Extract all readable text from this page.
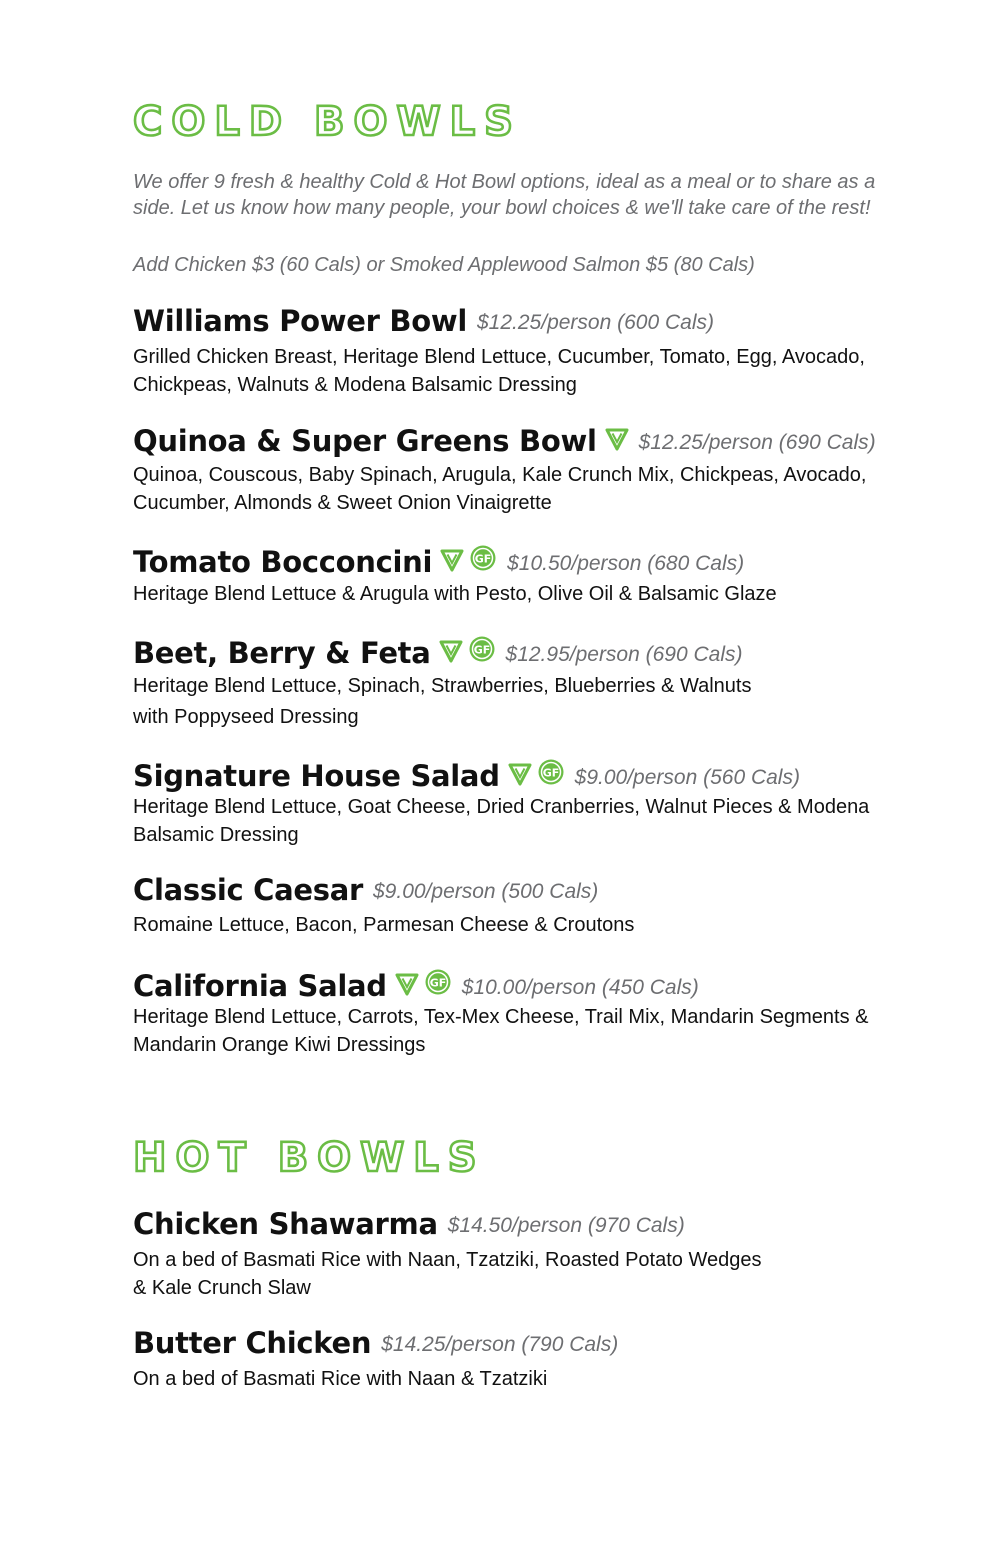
COLD BOWLS

We offer 9 fresh & healthy Cold & Hot Bowl options, ideal as a meal or to share as a

side. Let us know how many people, your bowl choices & we'll take care of the rest!

Add Chicken $3 (60 Cals) or Smoked Applewood Salmon $5 (80 Cals)

Williams Power Bowl $12.25/person (600 Cals)
Grilled Chicken Breast, Heritage Blend Lettuce, Cucumber, Tomato, Egg, Avocado,
Chickpeas, Walnuts & Modena Balsamic Dressing
Quinoa & Super Greens Bowl $12.25/person (690 Cals)
Quinoa, Couscous, Baby Spinach, Arugula, Kale Crunch Mix, Chickpeas, Avocado,
Cucumber, Almonds & Sweet Onion Vinaigrette
Tomato Bocconcini	GF $10.50/person (680 Cals)
Heritage Blend Lettuce & Arugula with Pesto, Olive Oil & Balsamic Glaze
Beet, Berry & Feta	GF $12.95/person (690 Cals)
Heritage Blend Lettuce, Spinach, Strawberries, Blueberries & Walnuts
with Poppyseed Dressing
Signature House Salad	GF $9.00/person (560 Cals)
Heritage Blend Lettuce, Goat Cheese, Dried Cranberries, Walnut Pieces & Modena
Balsamic Dressing
Classic Caesar $9.00/person (500 Cals)
Romaine Lettuce, Bacon, Parmesan Cheese & Croutons
California Salad	GF $10.00/person (450 Cals)
Heritage Blend Lettuce, Carrots, Tex-Mex Cheese, Trail Mix, Mandarin Segments &
Mandarin Orange Kiwi Dressings
HOT BOWLS
Chicken Shawarma $14.50/person (970 Cals)
On a bed of Basmati Rice with Naan, Tzatziki, Roasted Potato Wedges
& Kale Crunch Slaw
Butter Chicken $14.25/person (790 Cals)
On a bed of Basmati Rice with Naan & Tzatziki
